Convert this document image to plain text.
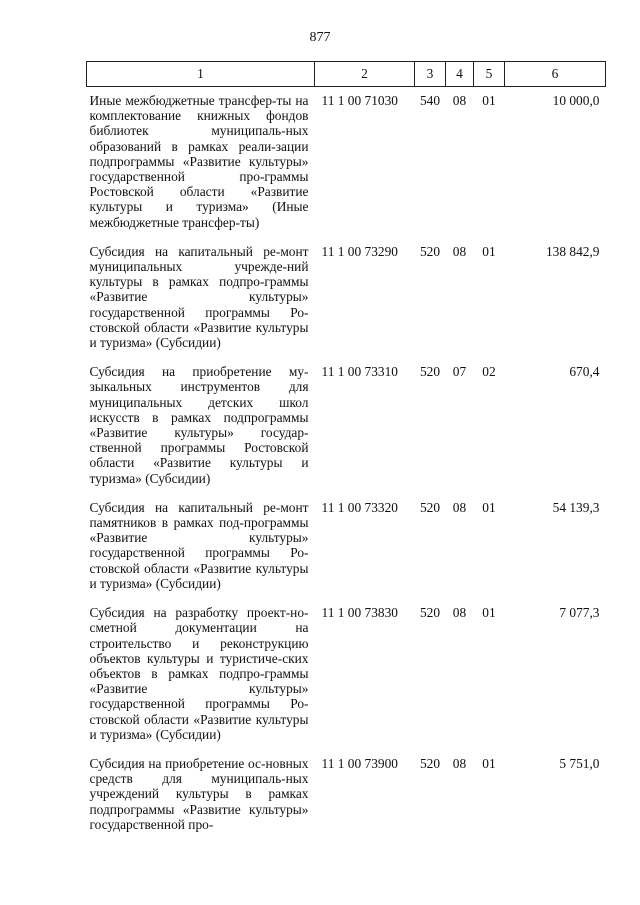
877
1	2	3	4	5	6
Иные межбюджетные трансфер-ты на комплектование книжных фондов библиотек муниципаль-ных образований в рамках реали-зации подпрограммы «Развитие культуры» государственной про-граммы Ростовской области «Развитие культуры и туризма» (Иные межбюджетные трансфер-ты)	11 1 00 71030	540	08	01	10 000,0
Субсидия на капитальный ре-монт муниципальных учрежде-ний культуры в рамках подпро-граммы «Развитие культуры» государственной программы Ро-стовской области «Развитие культуры и туризма» (Субсидии)	11 1 00 73290	520	08	01	138 842,9
Субсидия на приобретение му-зыкальных инструментов для муниципальных детских школ искусств в рамках подпрограммы «Развитие культуры» государ-ственной программы Ростовской области «Развитие культуры и туризма» (Субсидии)	11 1 00 73310	520	07	02	670,4
Субсидия на капитальный ре-монт памятников в рамках под-программы «Развитие культуры» государственной программы Ро-стовской области «Развитие культуры и туризма» (Субсидии)	11 1 00 73320	520	08	01	54 139,3
Субсидия на разработку проект-но-сметной документации на строительство и реконструкцию объектов культуры и туристиче-ских объектов в рамках подпро-граммы «Развитие культуры» государственной программы Ро-стовской области «Развитие культуры и туризма» (Субсидии)	11 1 00 73830	520	08	01	7 077,3
Субсидия на приобретение ос-новных средств для муниципаль-ных учреждений культуры в рамках подпрограммы «Развитие культуры» государственной про-	11 1 00 73900	520	08	01	5 751,0
